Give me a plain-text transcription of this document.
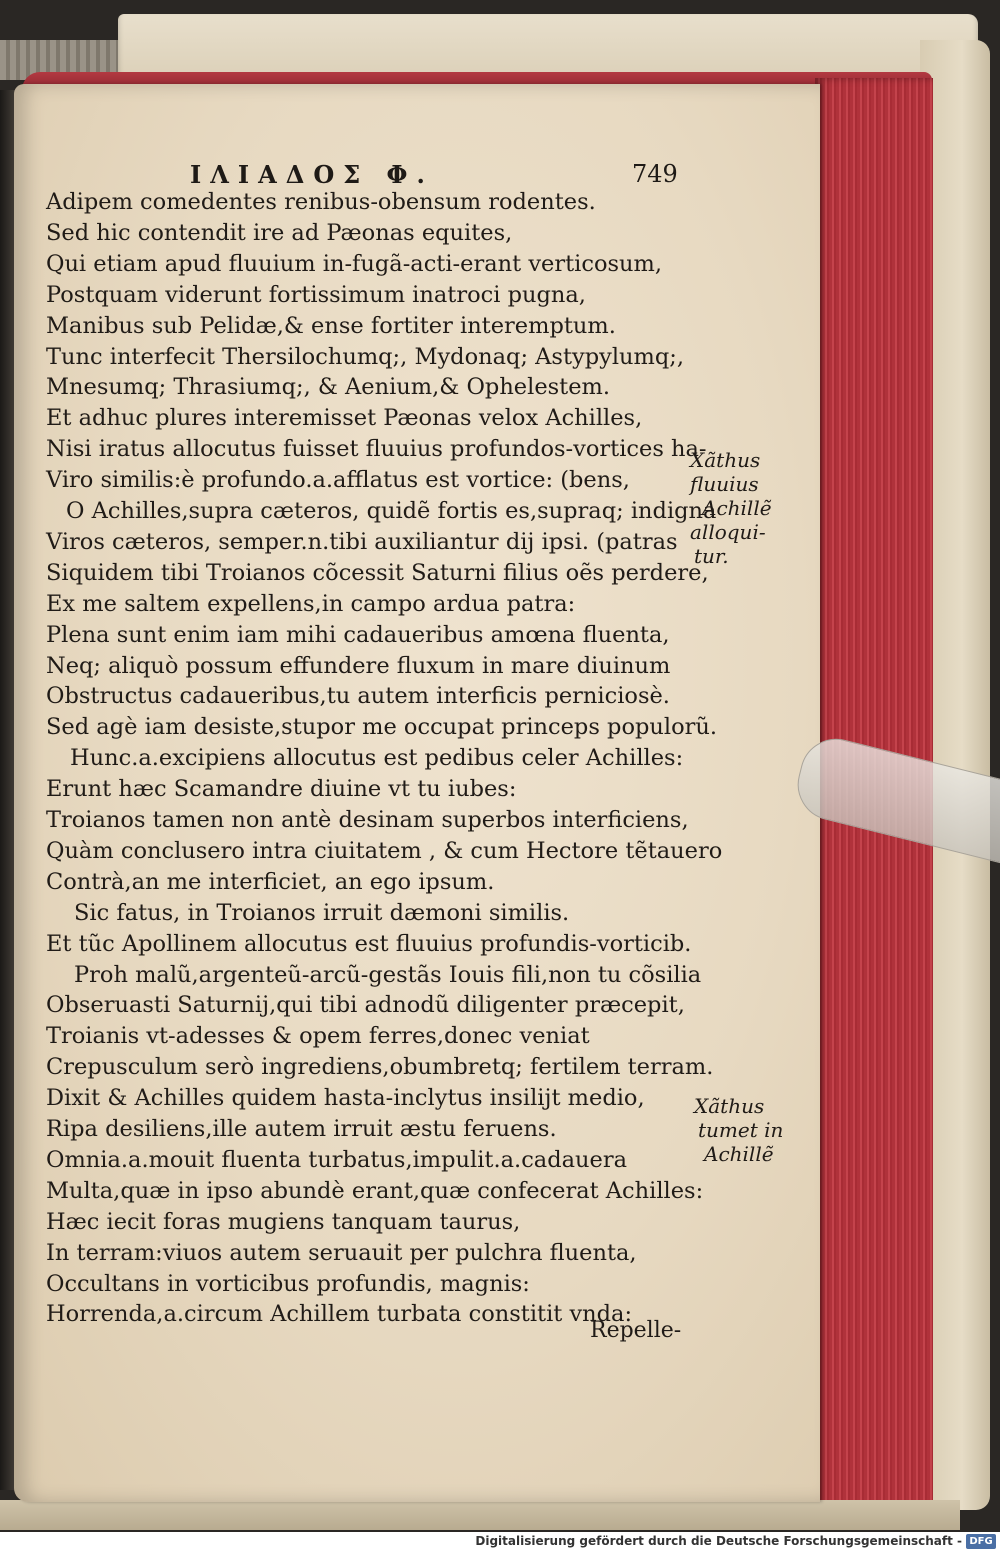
ΙΛΙΑΔΟΣ Φ.	749
Adipem comedentes renibus-obensum rodentes.
Sed hic contendit ire ad Pæonas equites,
Qui etiam apud fluuium in-fugã-acti-erant verticosum,
Postquam viderunt fortissimum inatroci pugna,
Manibus sub Pelidæ,& ense fortiter interemptum.
Tunc interfecit Thersilochumq;, Mydonaq; Astypylumq;,
Mnesumq; Thrasiumq;, & Aenium,& Ophelestem.
Et adhuc plures interemisset Pæonas velox Achilles,
Nisi iratus allocutus fuisset fluuius profundos-vortices ha-
Viro similis:è profundo.a.afflatus est vortice: (bens,
O Achilles,supra cæteros, quidẽ fortis es,supraq; indigna
Viros cæteros, semper.n.tibi auxiliantur dij ipsi. (patras
Siquidem tibi Troianos cõcessit Saturni filius oẽs perdere,
Ex me saltem expellens,in campo ardua patra:
Plena sunt enim iam mihi cadaueribus amœna fluenta,
Neq; aliquò possum effundere fluxum in mare diuinum
Obstructus cadaueribus,tu autem interficis perniciosè.
Sed agè iam desiste,stupor me occupat princeps populorũ.
Hunc.a.excipiens allocutus est pedibus celer Achilles:
Erunt hæc Scamandre diuine vt tu iubes:
Troianos tamen non antè desinam superbos interficiens,
Quàm conclusero intra ciuitatem , & cum Hectore tẽtauero
Contrà,an me interficiet, an ego ipsum.
Sic fatus, in Troianos irruit dæmoni similis.
Et tũc Apollinem allocutus est fluuius profundis-vorticib.
Proh malũ,argenteũ-arcũ-gestãs Iouis fili,non tu cõsilia
Obseruasti Saturnij,qui tibi adnodũ diligenter præcepit,
Troianis vt-adesses & opem ferres,donec veniat
Crepusculum serò ingrediens,obumbretq; fertilem terram.
Dixit & Achilles quidem hasta-inclytus insilijt medio,
Ripa desiliens,ille autem irruit æstu feruens.
Omnia.a.mouit fluenta turbatus,impulit.a.cadauera
Multa,quæ in ipso abundè erant,quæ confecerat Achilles:
Hæc iecit foras mugiens tanquam taurus,
In terram:viuos autem seruauit per pulchra fluenta,
Occultans in vorticibus profundis, magnis:
Horrenda,a.circum Achillem turbata constitit vnda:
Xãthus
fluuius
Achillẽ
alloqui-
tur.
Xãthus
tumet in
Achillẽ
Repelle-
Digitalisierung gefördert durch die Deutsche Forschungsgemeinschaft - DFG
